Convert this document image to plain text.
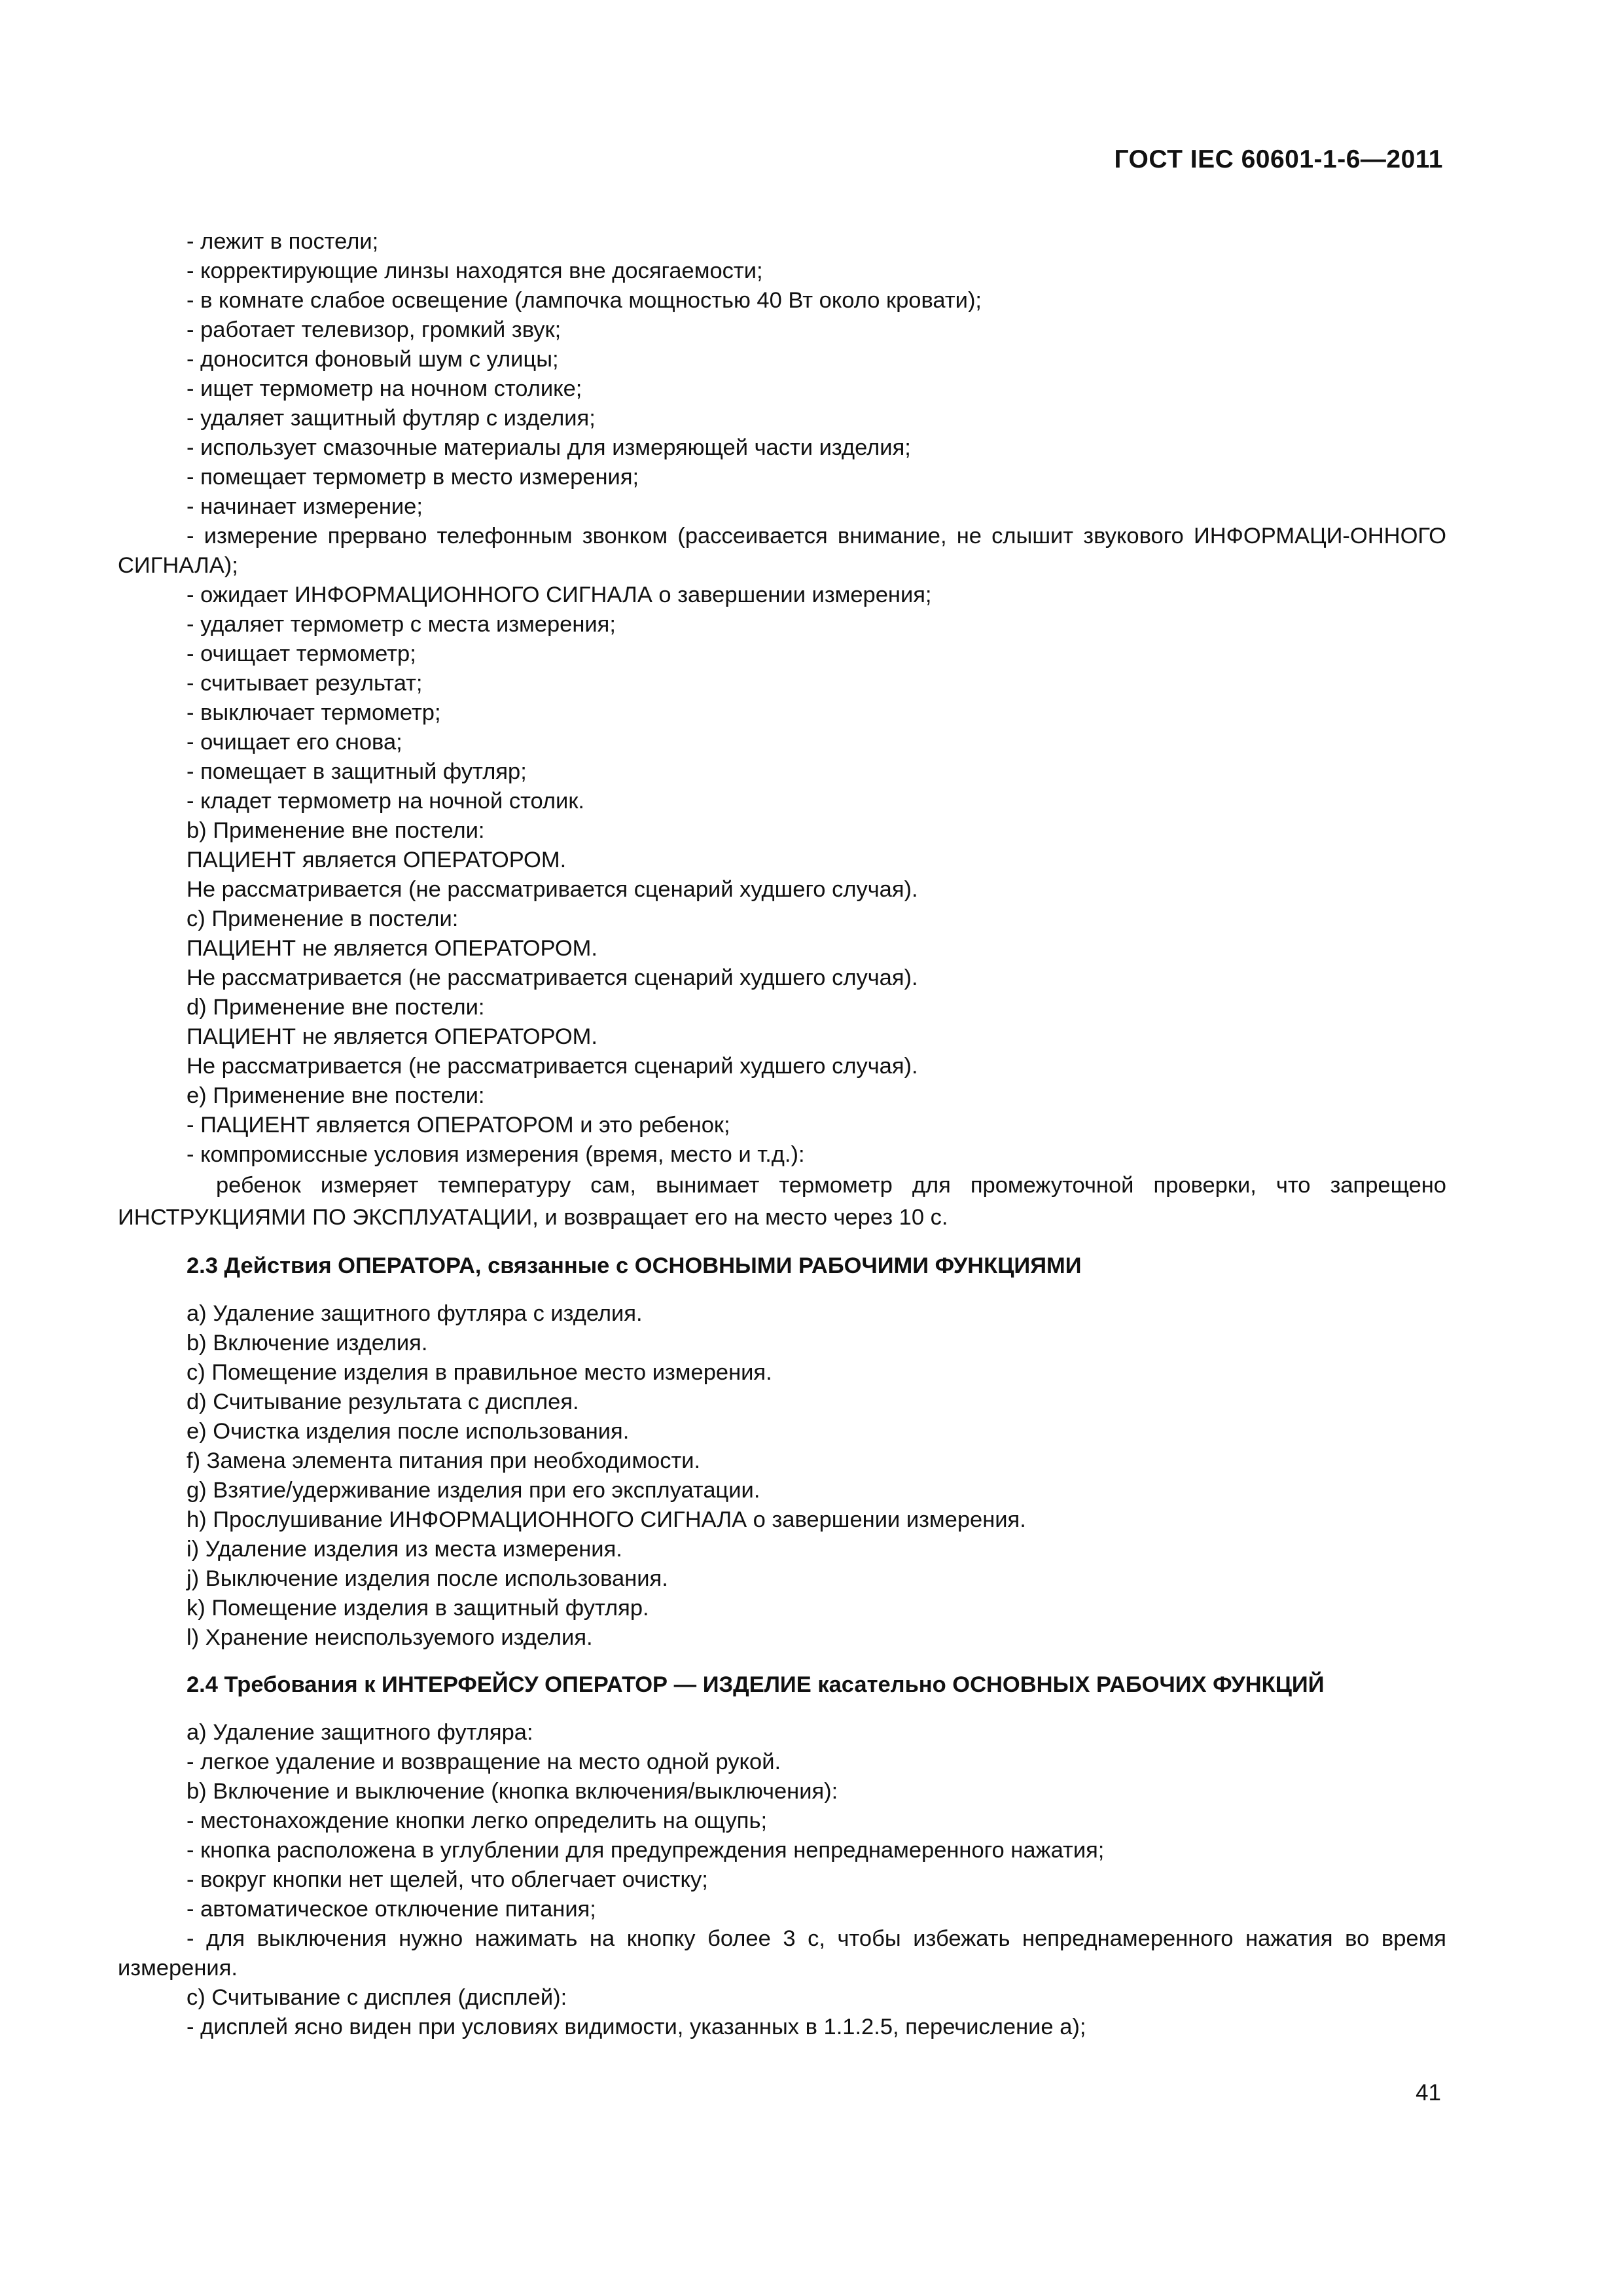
ГОСТ IEC 60601-1-6—2011

- лежит в постели;

- корректирующие линзы находятся вне досягаемости;

- в комнате слабое освещение (лампочка мощностью 40 Вт около кровати);

- работает телевизор, громкий звук;

- доносится фоновый шум с улицы;

- ищет термометр на ночном столике;

- удаляет защитный футляр с изделия;

- использует смазочные материалы для измеряющей части изделия;

- помещает термометр в место измерения;

- начинает измерение;

- измерение прервано телефонным звонком (рассеивается внимание, не слышит звукового ИНФОРМАЦИ-ОННОГО СИГНАЛА);

- ожидает ИНФОРМАЦИОННОГО СИГНАЛА о завершении измерения;

- удаляет термометр с места измерения;

- очищает термометр;

- считывает результат;

- выключает термометр;

- очищает его снова;

- помещает в защитный футляр;

- кладет термометр на ночной столик.

b) Применение вне постели:

ПАЦИЕНТ является ОПЕРАТОРОМ.

Не рассматривается (не рассматривается сценарий худшего случая).

c) Применение в постели:

ПАЦИЕНТ не является ОПЕРАТОРОМ.

Не рассматривается (не рассматривается сценарий худшего случая).

d) Применение вне постели:

ПАЦИЕНТ не является ОПЕРАТОРОМ.

Не рассматривается (не рассматривается сценарий худшего случая).

e) Применение вне постели:

- ПАЦИЕНТ является ОПЕРАТОРОМ и это ребенок;

- компромиссные условия измерения (время, место и т.д.):

ребенок измеряет температуру сам, вынимает термометр для промежуточной проверки, что запрещено ИНСТРУКЦИЯМИ ПО ЭКСПЛУАТАЦИИ, и возвращает его на место через 10 с.

2.3 Действия ОПЕРАТОРА, связанные с ОСНОВНЫМИ РАБОЧИМИ ФУНКЦИЯМИ

a) Удаление защитного футляра с изделия.

b) Включение изделия.

c) Помещение изделия в правильное место измерения.

d) Считывание результата с дисплея.

e) Очистка изделия после использования.

f) Замена элемента питания при необходимости.

g) Взятие/удерживание изделия при его эксплуатации.

h) Прослушивание ИНФОРМАЦИОННОГО СИГНАЛА о завершении измерения.

i) Удаление изделия из места измерения.

j) Выключение изделия после использования.

k) Помещение изделия в защитный футляр.

l) Хранение неиспользуемого изделия.

2.4 Требования к ИНТЕРФЕЙСУ ОПЕРАТОР — ИЗДЕЛИЕ касательно ОСНОВНЫХ РАБОЧИХ ФУНКЦИЙ

a) Удаление защитного футляра:

- легкое удаление и возвращение на место одной рукой.

b) Включение и выключение (кнопка включения/выключения):

- местонахождение кнопки легко определить на ощупь;

- кнопка расположена в углублении для предупреждения непреднамеренного нажатия;

- вокруг кнопки нет щелей, что облегчает очистку;

- автоматическое отключение питания;

- для выключения нужно нажимать на кнопку более 3 с, чтобы избежать непреднамеренного нажатия во время измерения.

c) Считывание с дисплея (дисплей):

- дисплей ясно виден при условиях видимости, указанных в 1.1.2.5, перечисление а);

41
